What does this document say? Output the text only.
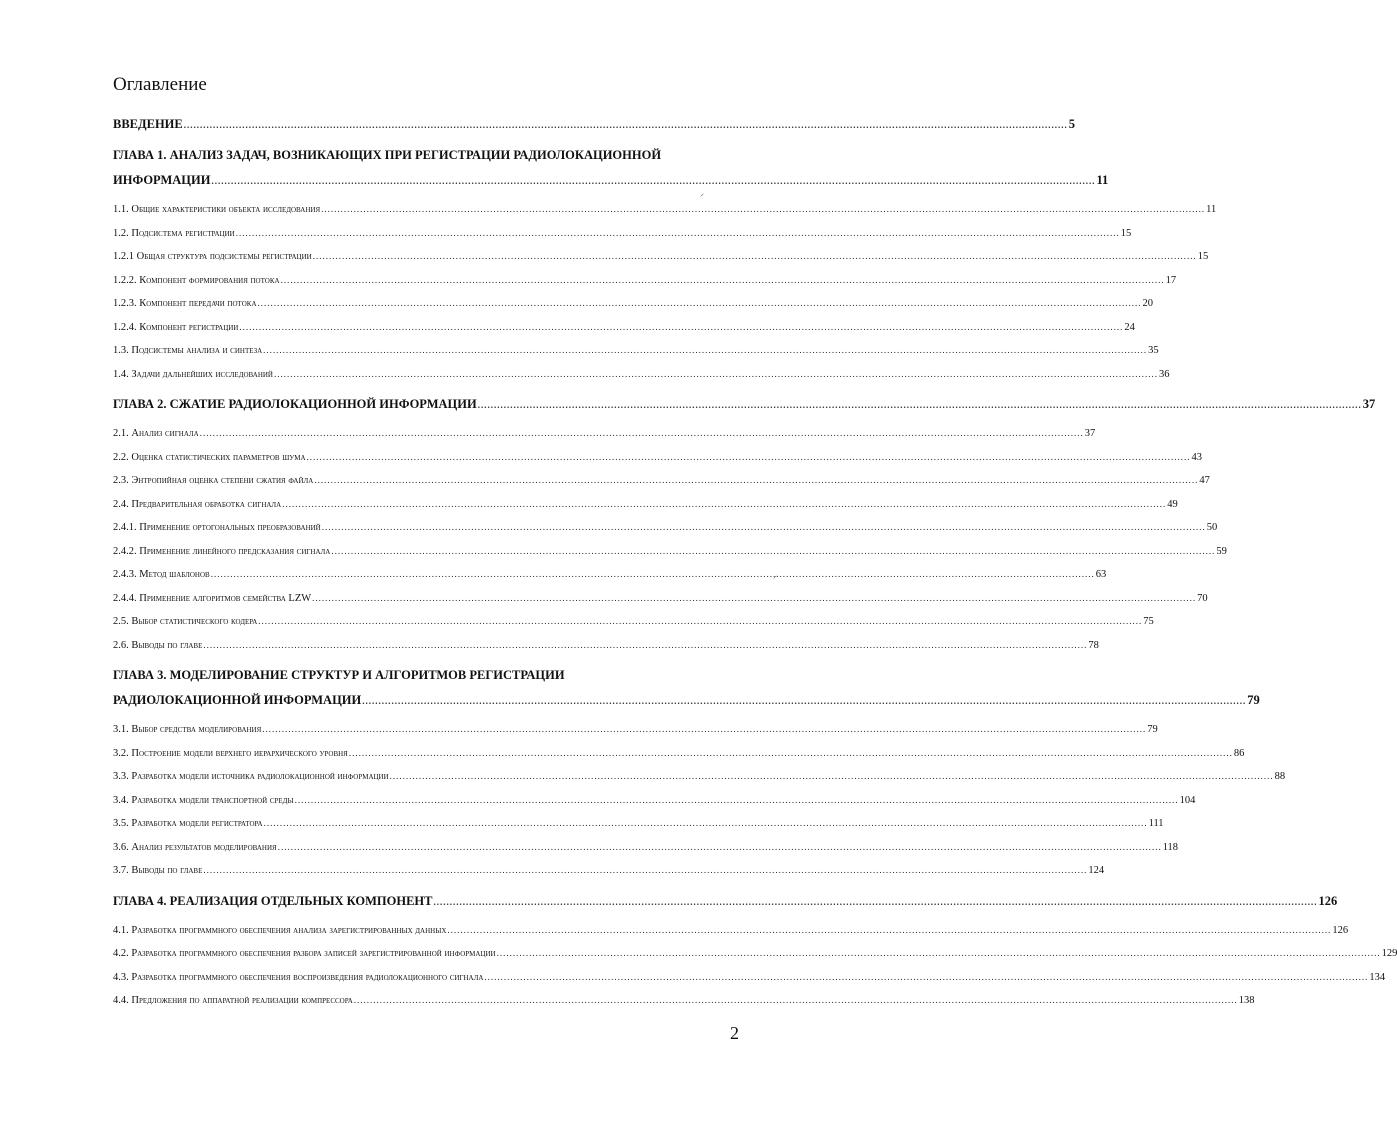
Оглавление
ВВЕДЕНИЕ .....	5
ГЛАВА 1. АНАЛИЗ ЗАДАЧ, ВОЗНИКАЮЩИХ ПРИ РЕГИСТРАЦИИ РАДИОЛОКАЦИОННОЙ
ИНФОРМАЦИИ .....	11
1.1. Общие характеристики объекта исследования .....	11
1.2. Подсистема регистрации .....	15
1.2.1 Общая структура подсистемы регистрации .....	15
1.2.2. Компонент формирования потока .....	17
1.2.3. Компонент передачи потока .....	20
1.2.4. Компонент регистрации .....	24
1.3. Подсистемы анализа и синтеза .....	35
1.4. Задачи дальнейших исследований .....	36
ГЛАВА 2. СЖАТИЕ РАДИОЛОКАЦИОННОЙ ИНФОРМАЦИИ .....	37
2.1. Анализ сигнала .....	37
2.2. Оценка статистических параметров шума .....	43
2.3. Энтропийная оценка степени сжатия файла .....	47
2.4. Предварительная обработка сигнала .....	49
2.4.1. Применение ортогональных преобразований .....	50
2.4.2. Применение линейного предсказания сигнала .....	59
2.4.3. Метод шаблонов .....	63
2.4.4. Применение алгоритмов семейства LZW .....	70
2.5. Выбор статистического кодера .....	75
2.6. Выводы по главе .....	78
ГЛАВА 3. МОДЕЛИРОВАНИЕ СТРУКТУР И АЛГОРИТМОВ РЕГИСТРАЦИИ
РАДИОЛОКАЦИОННОЙ ИНФОРМАЦИИ .....	79
3.1. Выбор средства моделирования .....	79
3.2. Построение модели верхнего иерархического уровня .....	86
3.3. Разработка модели источника радиолокационной информации .....	88
3.4. Разработка модели транспортной среды .....	104
3.5. Разработка модели регистратора .....	111
3.6. Анализ результатов моделирования .....	118
3.7. Выводы по главе .....	124
ГЛАВА 4. РЕАЛИЗАЦИЯ ОТДЕЛЬНЫХ КОМПОНЕНТ .....	126
4.1. Разработка программного обеспечения анализа зарегистрированных данных .....	126
4.2. Разработка программного обеспечения разбора записей зарегистрированной информации .....	129
4.3. Разработка программного обеспечения воспроизведения радиолокационного сигнала .....	134
4.4. Предложения по аппаратной реализации компрессора .....	138
2
⸝
⸝
